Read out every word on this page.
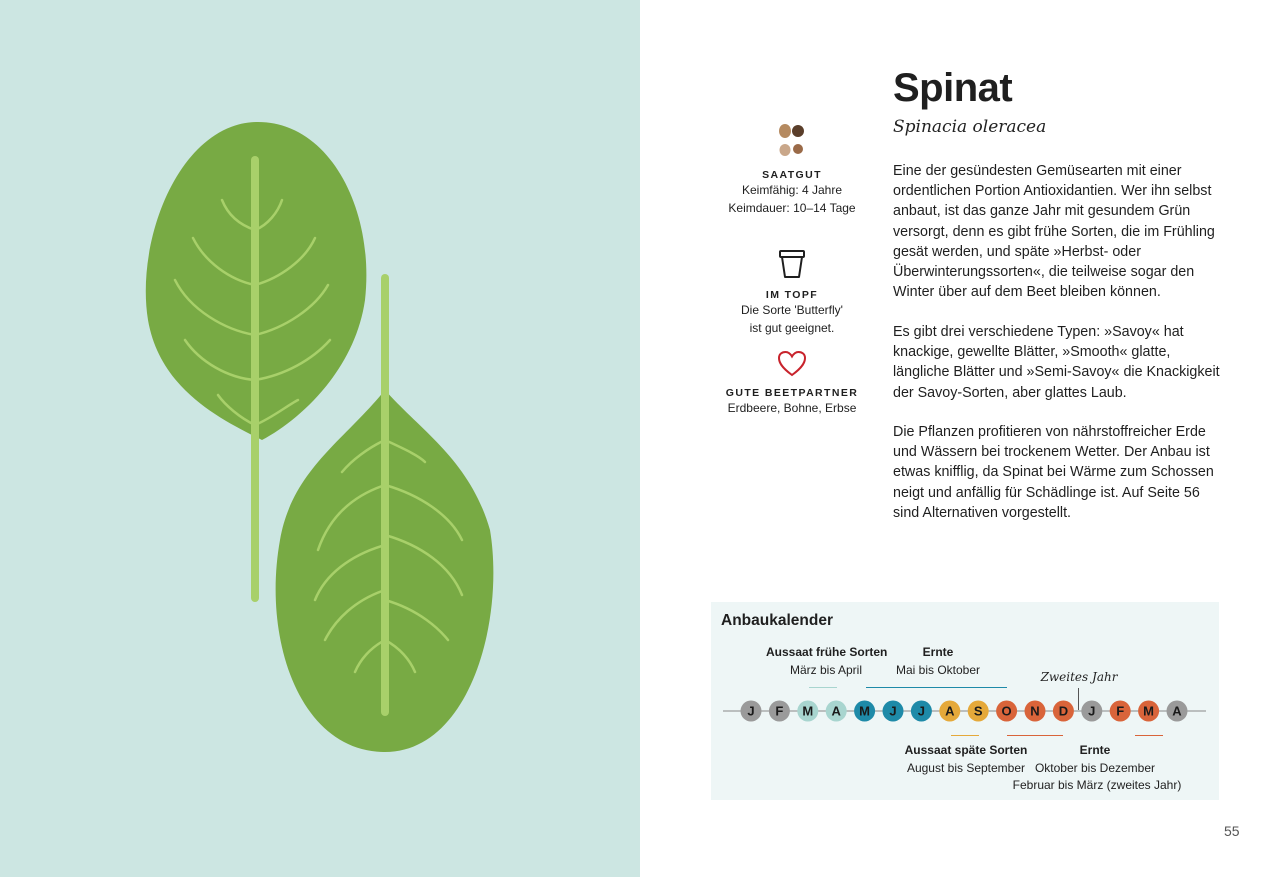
SAATGUT
Keimfähig: 4 Jahre
Keimdauer: 10–14 Tage
IM TOPF
Die Sorte 'Butterfly'
ist gut geeignet.
GUTE BEETPARTNER
Erdbeere, Bohne, Erbse
Spinat
Spinacia oleracea

Eine der gesündesten Gemüsearten mit einer ordentlichen Portion Antioxidantien. Wer ihn selbst anbaut, ist das ganze Jahr mit gesundem Grün versorgt, denn es gibt frühe Sorten, die im Frühling gesät werden, und späte »Herbst- oder Überwinterungssorten«, die teilweise sogar den Winter über auf dem Beet bleiben können.

Es gibt drei verschiedene Typen: »Savoy« hat knackige, gewellte Blätter, »Smooth« glatte, längliche Blätter und »Semi-Savoy« die Knackigkeit der Savoy-Sorten, aber glattes Laub.

Die Pflanzen profitieren von nährstoffreicher Erde und Wässern bei trockenem Wetter. Der Anbau ist etwas knifflig, da Spinat bei Wärme zum Schossen neigt und anfällig für Schädlinge ist. Auf Seite 56 sind Alternativen vorgestellt.

Anbaukalender
Aussaat frühe Sorten
März bis April
Ernte
Mai bis Oktober	Zweites Jahr
J F M A M J J A S O N D J F M A
Aussaat späte Sorten
August bis September
Ernte
Oktober bis Dezember
Februar bis März (zweites Jahr)
55
